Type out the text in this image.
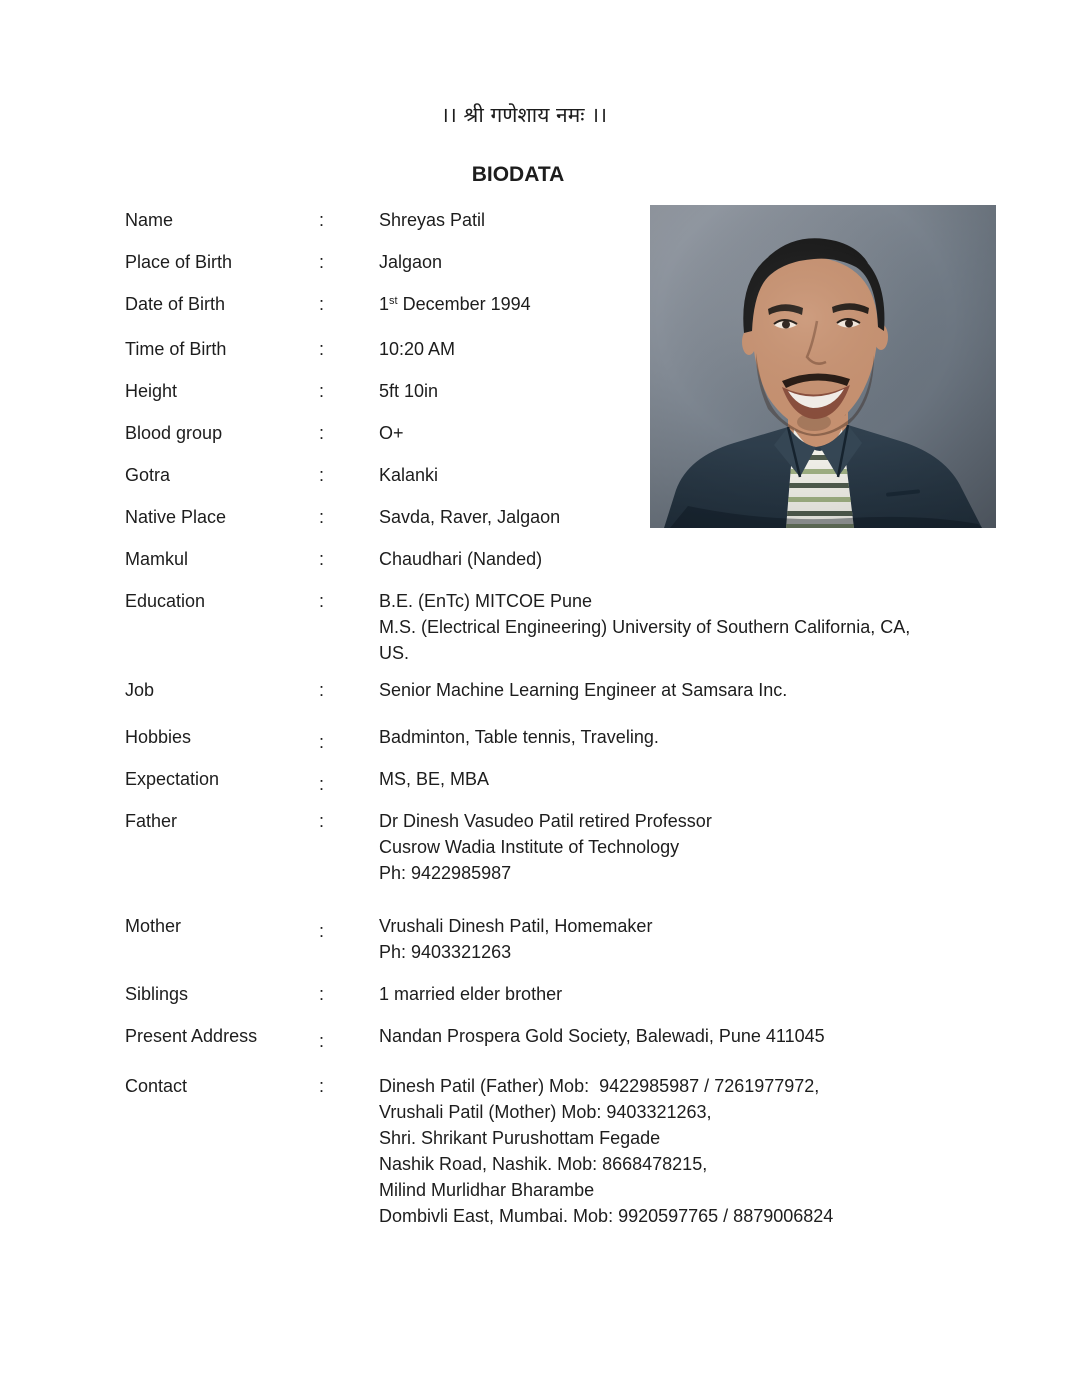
।। श्री गणेशाय नमः ।।
BIODATA
Name	:	Shreyas Patil
Place of Birth	:	Jalgaon
Date of Birth	:	1st December 1994
Time of Birth	:	10:20 AM
Height	:	5ft 10in
Blood group	:	O+
Gotra	:	Kalanki
Native Place	:	Savda, Raver, Jalgaon
Mamkul	:	Chaudhari (Nanded)
Education	:	B.E. (EnTc) MITCOE Pune
M.S. (Electrical Engineering) University of Southern California, CA,
US.
Job	:	Senior Machine Learning Engineer at Samsara Inc.
Hobbies	:	Badminton, Table tennis, Traveling.
Expectation	:	MS, BE, MBA
Father	:	Dr Dinesh Vasudeo Patil retired Professor
Cusrow Wadia Institute of Technology
Ph: 9422985987
Mother	:	Vrushali Dinesh Patil, Homemaker
Ph: 9403321263
Siblings	:	1 married elder brother
Present Address	:	Nandan Prospera Gold Society, Balewadi, Pune 411045
Contact	:	Dinesh Patil (Father) Mob:  9422985987 / 7261977972,
Vrushali Patil (Mother) Mob: 9403321263,
Shri. Shrikant Purushottam Fegade
Nashik Road, Nashik. Mob: 8668478215,
Milind Murlidhar Bharambe
Dombivli East, Mumbai. Mob: 9920597765 / 8879006824
